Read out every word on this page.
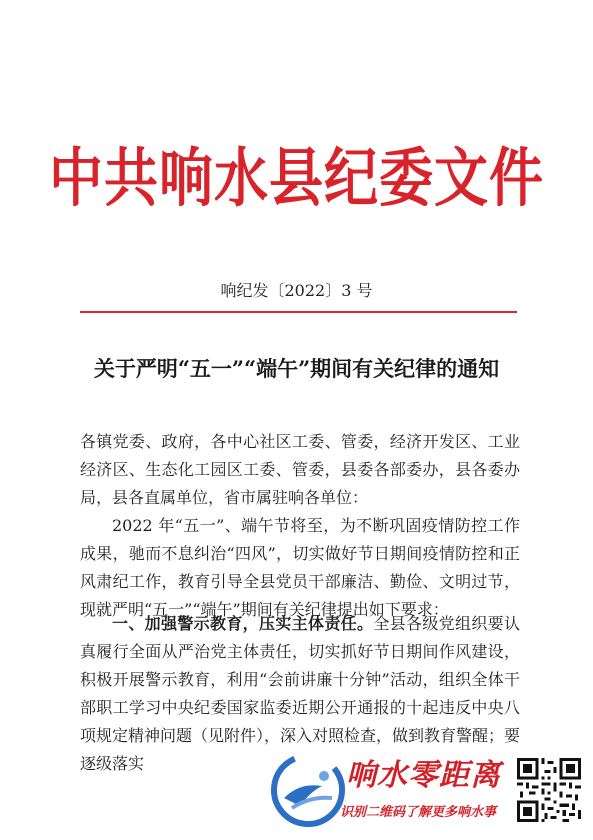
中共响水县纪委文件
响纪发〔2022〕3 号
关于严明“五一”“端午”期间有关纪律的通知
各镇党委、政府，各中心社区工委、管委，经济开发区、工业经济区、生态化工园区工委、管委，县委各部委办，县各委办局，县各直属单位，省市属驻响各单位：
2022 年“五一”、端午节将至，为不断巩固疫情防控工作成果，驰而不息纠治“四风”，切实做好节日期间疫情防控和正风肃纪工作，教育引导全县党员干部廉洁、勤俭、文明过节，现就严明“五一”“端午”期间有关纪律提出如下要求：
一、加强警示教育，压实主体责任。全县各级党组织要认真履行全面从严治党主体责任，切实抓好节日期间作风建设，积极开展警示教育，利用“会前讲廉十分钟”活动，组织全体干部职工学习中央纪委国家监委近期公开通报的十起违反中央八项规定精神问题（见附件），深入对照检查，做到教育警醒；要逐级落实	响水零距离
识别二维码了解更多响水事
